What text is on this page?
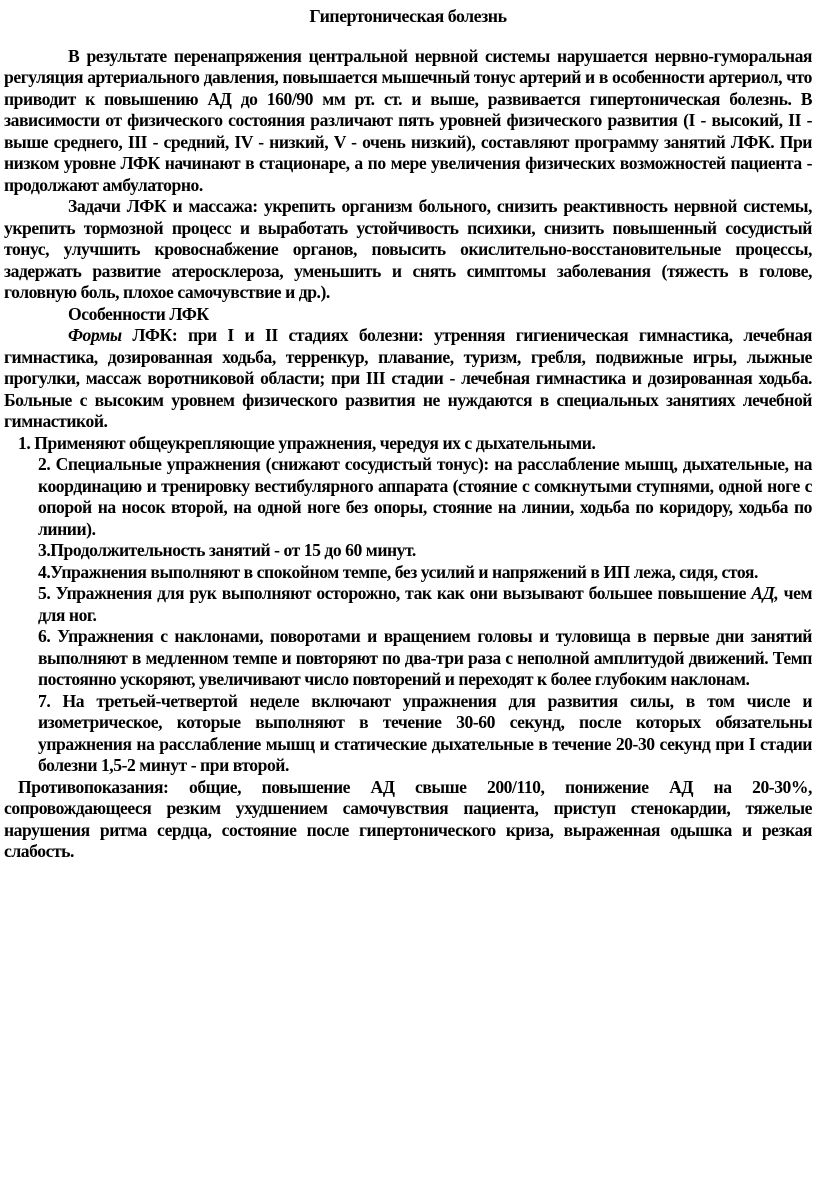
Гипертоническая болезнь

В результате перенапряжения центральной нервной системы нарушается нервно-гуморальная регуляция артериального давления, повышается мышечный тонус артерий и в особенности артериол, что приводит к повышению АД до 160/90 мм рт. ст. и выше, развивается гипертоническая болезнь. В зависимости от физического состояния различают пять уровней физического развития (I - высокий, II - выше среднего, III - средний, IV - низкий, V - очень низкий), составляют программу занятий ЛФК. При низком уровне ЛФК начинают в стационаре, а по мере увеличения физических возможностей пациента - продолжают амбулаторно.

Задачи ЛФК и массажа: укрепить организм больного, снизить реактивность нервной системы, укрепить тормозной процесс и выработать устойчивость психики, снизить повышенный сосудистый тонус, улучшить кровоснабжение органов, повысить окислительно-восстановительные процессы, задержать развитие атеросклероза, уменьшить и снять симптомы заболевания (тяжесть в голове, головную боль, плохое самочувствие и др.).

Особенности ЛФК

Формы ЛФК: при I и II стадиях болезни: утренняя гигиеническая гимнастика, лечебная гимнастика, дозированная ходьба, терренкур, плавание, туризм, гребля, подвижные игры, лыжные прогулки, массаж воротниковой области; при III стадии - лечебная гимнастика и дозированная ходьба. Больные с высоким уровнем физического развития не нуждаются в специальных занятиях лечебной гимнастикой.

1. Применяют общеукрепляющие упражнения, чередуя их с дыхательными.

2. Специальные упражнения (снижают сосудистый тонус): на расслабление мышц, дыхательные, на координацию и тренировку вестибулярного аппарата (стояние с сомкнутыми ступнями, одной ноге с опорой на носок второй, на одной ноге без опоры, стояние на линии, ходьба по коридору, ходьба по линии).

3.Продолжительность занятий - от 15 до 60 минут.

4.Упражнения выполняют в спокойном темпе, без усилий и напряжений в ИП лежа, сидя, стоя.

5. Упражнения для рук выполняют осторожно, так как они вызывают большее повышение АД, чем для ног.

6. Упражнения с наклонами, поворотами и вращением головы и туловища в первые дни занятий выполняют в медленном темпе и повторяют по два-три раза с неполной амплитудой движений. Темп постоянно ускоряют, увеличивают число повторений и переходят к более глубоким наклонам.

7. На третьей-четвертой неделе включают упражнения для развития силы, в том числе и изометрическое, которые выполняют в течение 30-60 секунд, после которых обязательны упражнения на расслабление мышц и статические дыхательные в течение 20-30 секунд при I стадии болезни 1,5-2 минут - при второй.

Противопоказания: общие, повышение АД свыше 200/110, понижение АД на 20-30%, сопровождающееся резким ухудшением самочувствия пациента, приступ стенокардии, тяжелые нарушения ритма сердца, состояние после гипертонического криза, выраженная одышка и резкая слабость.
